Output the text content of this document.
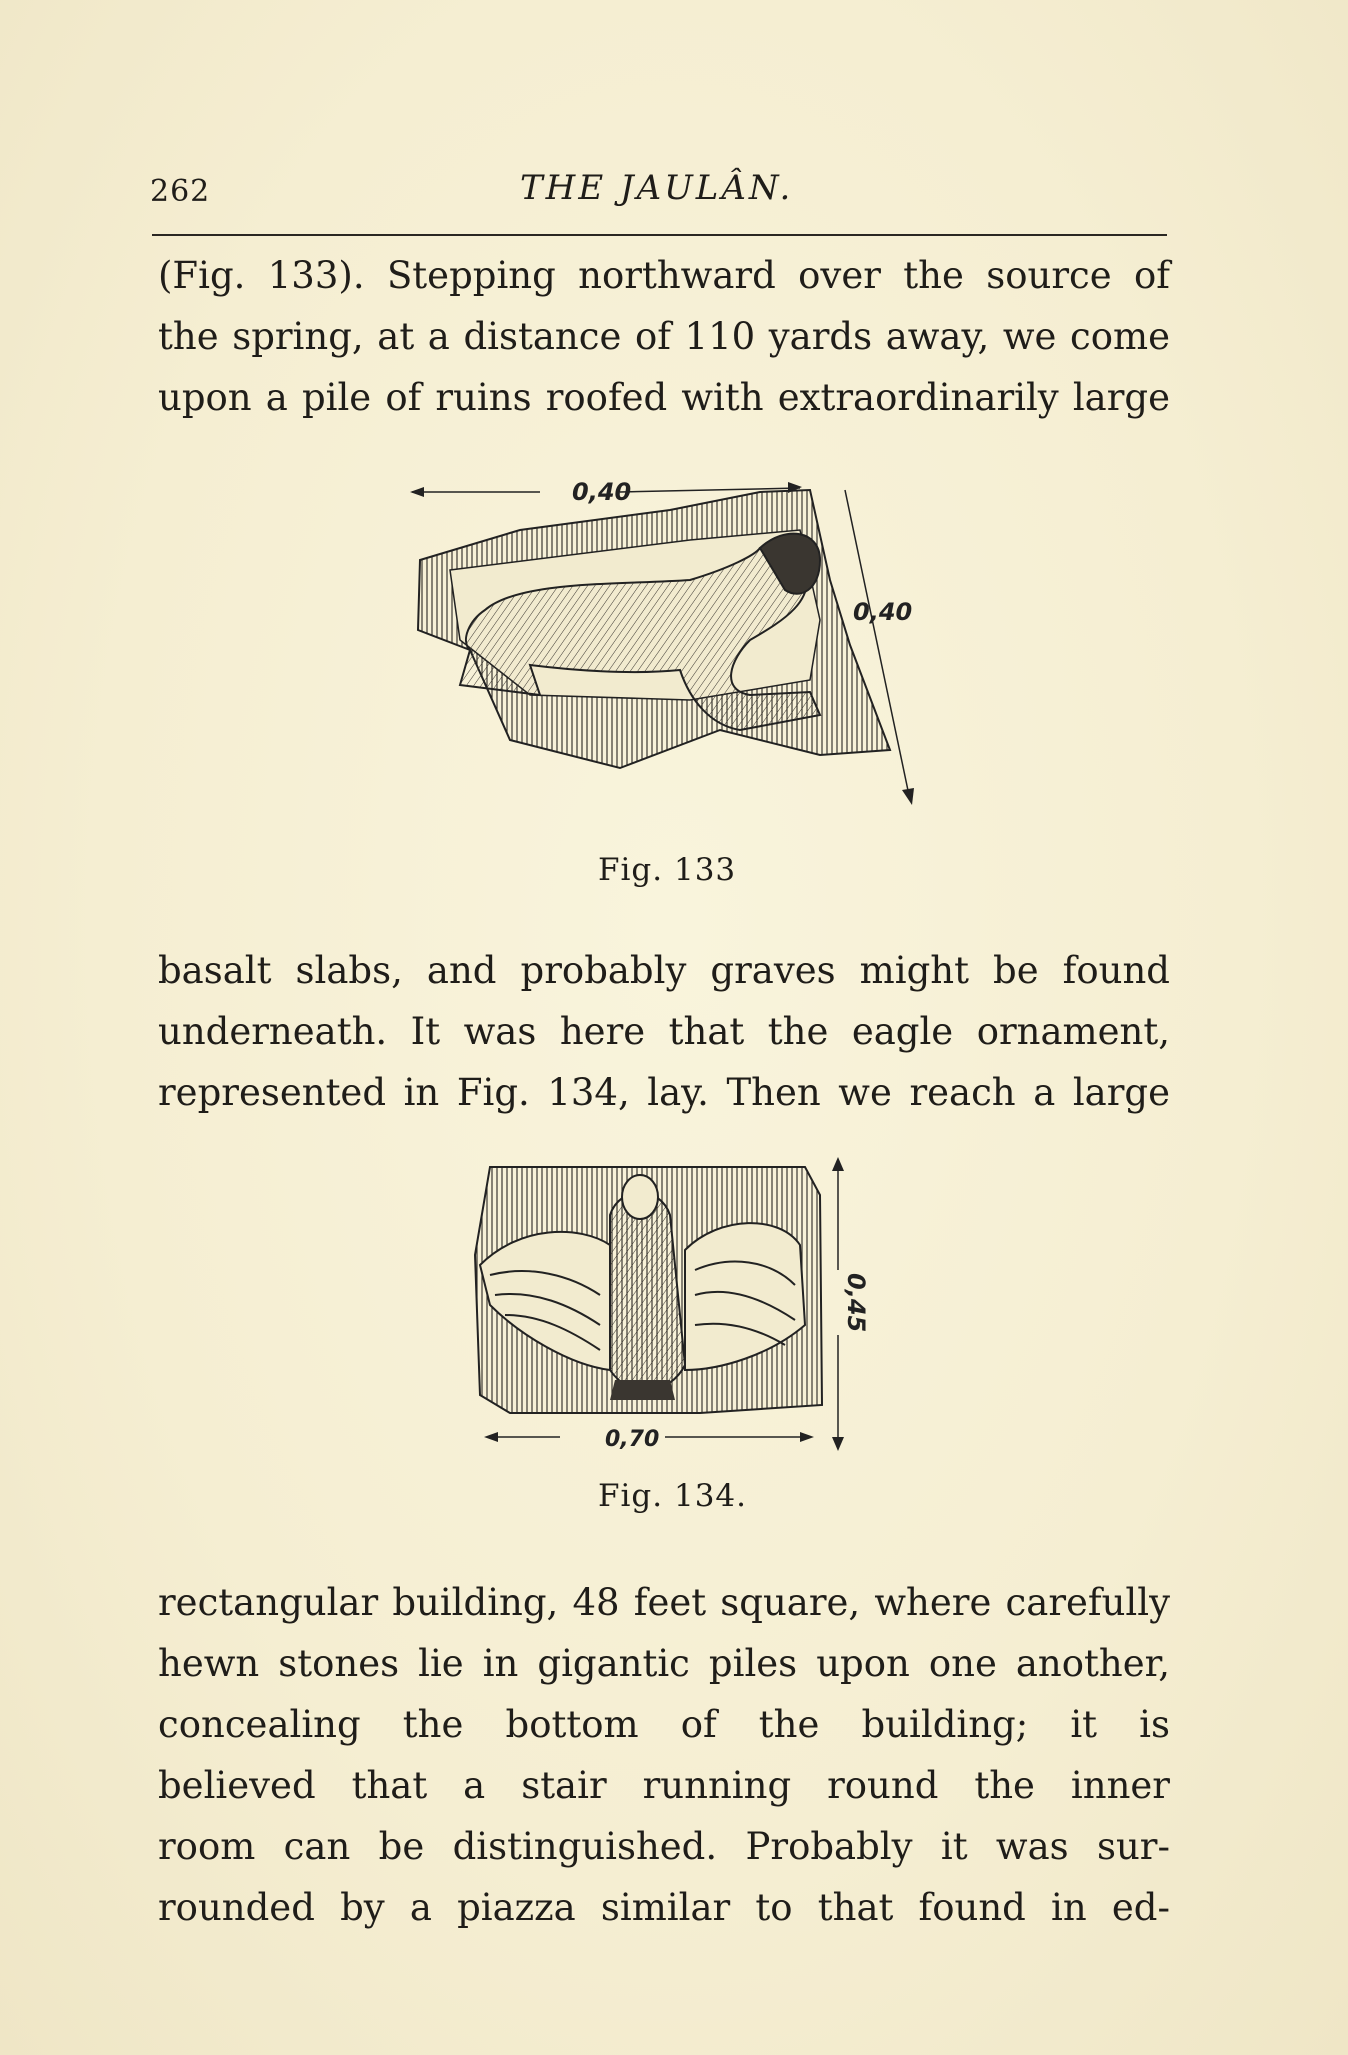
262	THE JAULÂN.
(Fig. 133). Stepping northward over the source of
the spring, at a distance of 110 yards away, we come
upon a pile of ruins roofed with extraordinarily large
0,40
0,40
Fig. 133
basalt slabs, and probably graves might be found
underneath. It was here that the eagle ornament,
represented in Fig. 134, lay. Then we reach a large
0,45
0,70
Fig. 134.
rectangular building, 48 feet square, where carefully
hewn stones lie in gigantic piles upon one another,
concealing the bottom of the building; it is
believed that a stair running round the inner
room can be distinguished. Probably it was sur-
rounded by a piazza similar to that found in ed-
